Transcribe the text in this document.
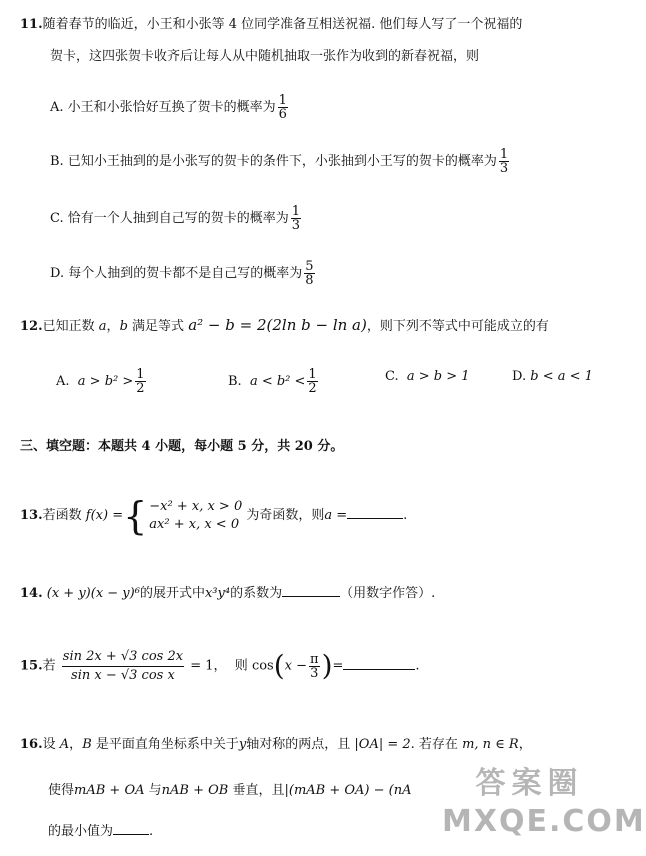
11.随着春节的临近，小王和小张等 4 位同学准备互相送祝福. 他们每人写了一个祝福的
贺卡，这四张贺卡收齐后让每人从中随机抽取一张作为收到的新春祝福，则
A. 小王和小张恰好互换了贺卡的概率为 $\frac{1}{6}$
B. 已知小王抽到的是小张写的贺卡的条件下，小张抽到小王写的贺卡的概率为 $\frac{1}{3}$
C. 恰有一个人抽到自己写的贺卡的概率为 $\frac{1}{3}$
D. 每个人抽到的贺卡都不是自己写的概率为 $\frac{5}{8}$
12.已知正数 a，b 满足等式 a² − b = 2(2ln b − ln a)，则下列不等式中可能成立的有
A. $a > b^2 > \frac{1}{2}$	B. $a < b^2 < \frac{1}{2}$	C. a > b > 1	D. b < a < 1
三、填空题：本题共 4 小题，每小题 5 分，共 20 分。
13.若函数 f(x) ={ −x² + x, x > 0
ax² + x, x < 0
为奇函数，则a =	.
14. (x + y)(x − y)⁶的展开式中x³y⁴的系数为	（用数字作答）.
15.若 $\frac{\sin 2x + √3 \cos 2x}{\text{sin x − √3 cos x}} = 1$， 则 $\cos(x - \frac{\pi}{3}$ )=	.
16.设 A，B 是平面直角坐标系中关于y轴对称的两点，且 |OA| = 2. 若存在 m, n ∈ R，
使得mAB + OA 与nAB + OB 垂直，且|(mAB + OA) − (nA
的最小值为	.
答案圈
MXQE.COM
